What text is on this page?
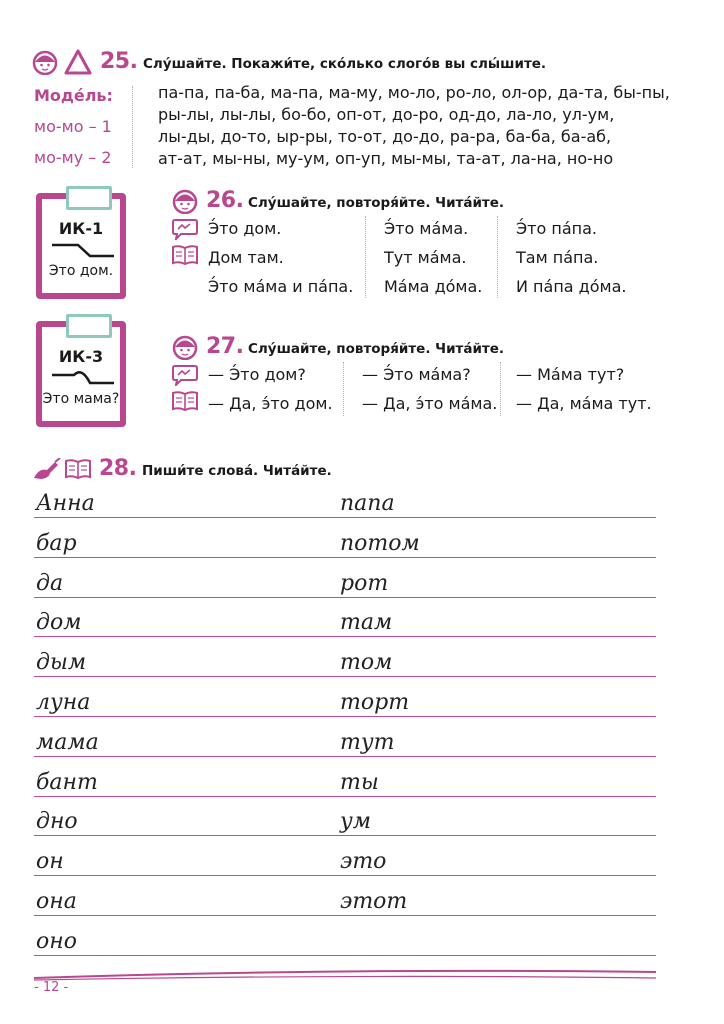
25. Слу́шайте. Покажи́те, ско́лько слого́в вы слы́шите.
Моде́ль:
мо-мо – 1
мо-му – 2
па-па, па-ба, ма-па, ма-му, мо-ло, ро-ло, ол-ор, да-та, бы-пы,
ры-лы, лы-лы, бо-бо, оп-от, до-ро, од-до, ла-ло, ул-ум,
лы-ды, до-то, ыр-ры, то-от, до-до, ра-ра, ба-ба, ба-аб,
ат-ат, мы-ны, му-ум, оп-уп, мы-мы, та-ат, ла-на, но-но
ИК-1
Это дом.
ИК-3
Это мама?
26. Слу́шайте, повторя́йте. Чита́йте.
Э́то дом.	Э́то ма́ма.	Э́то па́па.
Дом там.	Тут ма́ма.	Там па́па.
Э́то ма́ма и па́па. Ма́ма до́ма. И па́па до́ма.
27. Слу́шайте, повторя́йте. Чита́йте.
— Э́то дом?	— Э́то ма́ма?	— Ма́ма тут?
— Да, э́то дом. — Да, э́то ма́ма. — Да, ма́ма тут.
28. Пиши́те слова́. Чита́йте.
Анна	папа
бар	потом
да	рот
дом	там
дым	том
луна	торт
мама	тут
бант	ты
дно	ум
он	это
она	этот
оно
- 12 -
